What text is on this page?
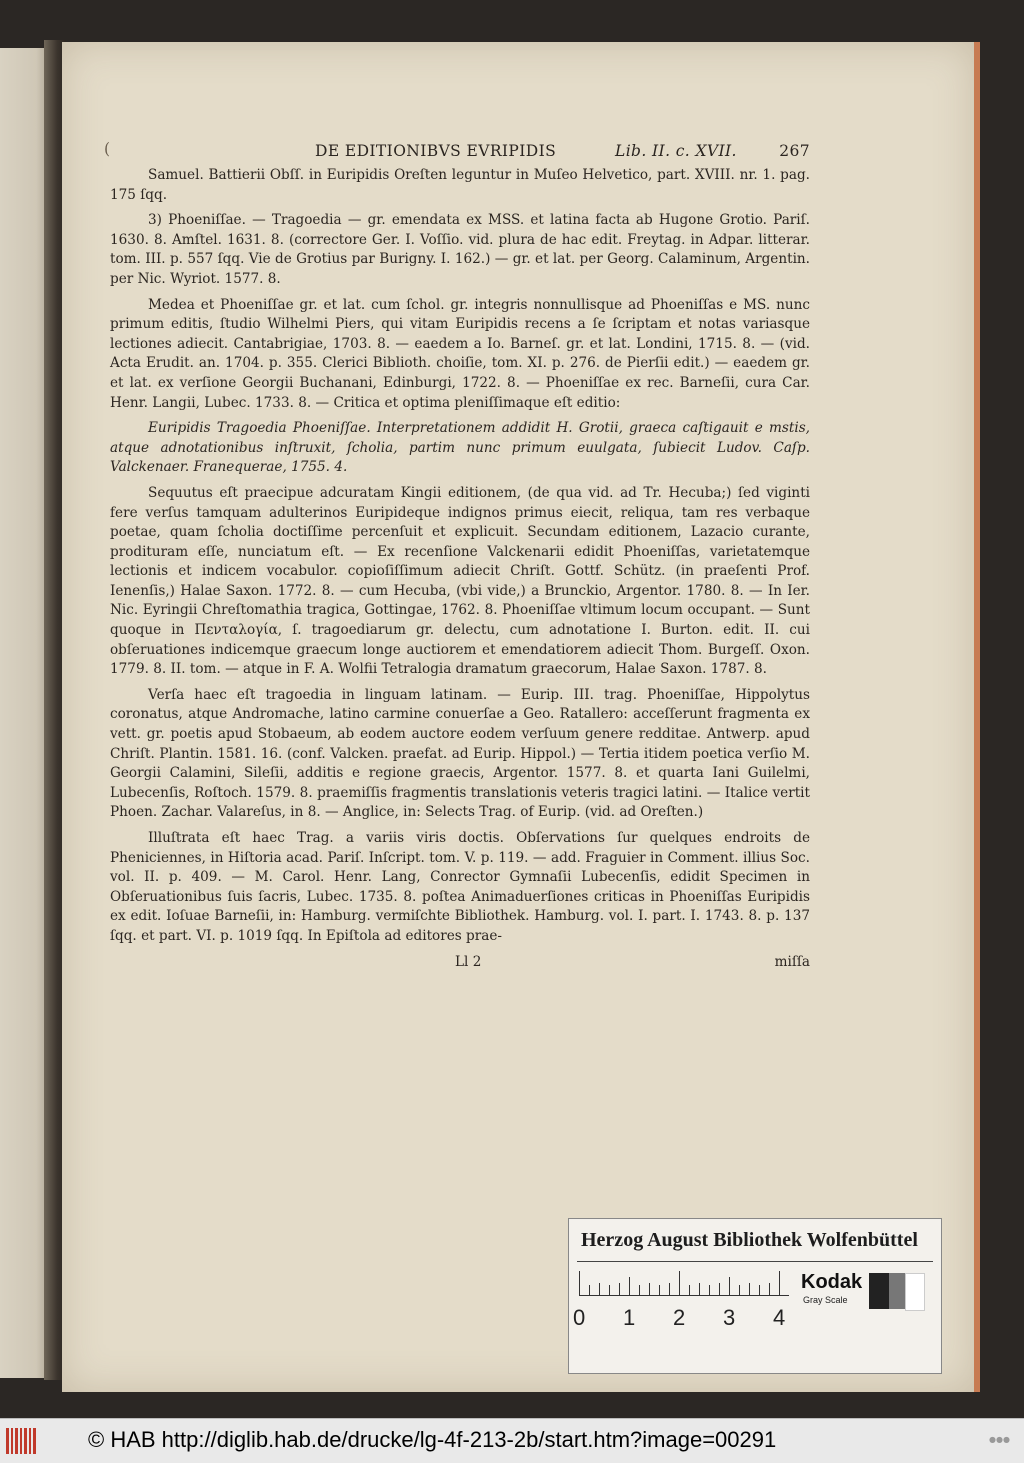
(	DE EDITIONIBVS EVRIPIDIS	Lib. II. c. XVII.	267

Samuel. Battierii Obſſ. in Euripidis Oreſten leguntur in Muſeo Helvetico, part. XVIII. nr. 1. pag. 175 ſqq.

3) Phoeniſſae. — Tragoedia — gr. emendata ex MSS. et latina facta ab Hugone Grotio. Pariſ. 1630. 8. Amſtel. 1631. 8. (correctore Ger. I. Voſſio. vid. plura de hac edit. Freytag. in Adpar. litterar. tom. III. p. 557 ſqq. Vie de Grotius par Burigny. I. 162.) — gr. et lat. per Georg. Calaminum, Argentin. per Nic. Wyriot. 1577. 8.

Medea et Phoeniſſae gr. et lat. cum ſchol. gr. integris nonnullisque ad Phoeniſſas e MS. nunc primum editis, ſtudio Wilhelmi Piers, qui vitam Euripidis recens a ſe ſcriptam et notas variasque lectiones adiecit. Cantabrigiae, 1703. 8. — eaedem a Io. Barneſ. gr. et lat. Londini, 1715. 8. — (vid. Acta Erudit. an. 1704. p. 355. Clerici Biblioth. choiſie, tom. XI. p. 276. de Pierſii edit.) — eaedem gr. et lat. ex verſione Georgii Buchanani, Edinburgi, 1722. 8. — Phoeniſſae ex rec. Barneſii, cura Car. Henr. Langii, Lubec. 1733. 8. — Critica et optima pleniſſimaque eſt editio:

Euripidis Tragoedia Phoeniſſae. Interpretationem addidit H. Grotii, graeca caſtigauit e mstis, atque adnotationibus inſtruxit, ſcholia, partim nunc primum euulgata, ſubiecit Ludov. Caſp. Valckenaer. Franequerae, 1755. 4.

Sequutus eſt praecipue adcuratam Kingii editionem, (de qua vid. ad Tr. Hecuba;) ſed viginti fere verſus tamquam adulterinos Euripideque indignos primus eiecit, reliqua, tam res verbaque poetae, quam ſcholia doctiſſime percenſuit et explicuit. Secundam editionem, Lazacio curante, prodituram eſſe, nunciatum eſt. — Ex recenſione Valckenarii edidit Phoeniſſas, varietatemque lectionis et indicem vocabulor. copioſiſſimum adiecit Chriſt. Gottf. Schütz. (in praeſenti Prof. Ienenſis,) Halae Saxon. 1772. 8. — cum Hecuba, (vbi vide,) a Brunckio, Argentor. 1780. 8. — In Ier. Nic. Eyringii Chreſtomathia tragica, Gottingae, 1762. 8. Phoeniſſae vltimum locum occupant. — Sunt quoque in Πενταλογία, ſ. tragoediarum gr. delectu, cum adnotatione I. Burton. edit. II. cui obſeruationes indicemque graecum longe auctiorem et emendatiorem adiecit Thom. Burgeſſ. Oxon. 1779. 8. II. tom. — atque in F. A. Wolfii Tetralogia dramatum graecorum, Halae Saxon. 1787. 8.

Verſa haec eſt tragoedia in linguam latinam. — Eurip. III. trag. Phoeniſſae, Hippolytus coronatus, atque Andromache, latino carmine conuerſae a Geo. Ratallero: acceſſerunt fragmenta ex vett. gr. poetis apud Stobaeum, ab eodem auctore eodem verſuum genere redditae. Antwerp. apud Chriſt. Plantin. 1581. 16. (conf. Valcken. praefat. ad Eurip. Hippol.) — Tertia itidem poetica verſio M. Georgii Calamini, Sileſii, additis e regione graecis, Argentor. 1577. 8. et quarta Iani Guilelmi, Lubecenſis, Roſtoch. 1579. 8. praemiſſis fragmentis translationis veteris tragici latini. — Italice vertit Phoen. Zachar. Valareſus, in 8. — Anglice, in: Selects Trag. of Eurip. (vid. ad Oreſten.)

Illuſtrata eſt haec Trag. a variis viris doctis. Obſervations ſur quelques endroits de Pheniciennes, in Hiſtoria acad. Pariſ. Inſcript. tom. V. p. 119. — add. Fraguier in Comment. illius Soc. vol. II. p. 409. — M. Carol. Henr. Lang, Conrector Gymnaſii Lubecenſis, edidit Specimen in Obſeruationibus ſuis ſacris, Lubec. 1735. 8. poſtea Animaduerſiones criticas in Phoeniſſas Euripidis ex edit. Ioſuae Barneſii, in: Hamburg. vermiſchte Bibliothek. Hamburg. vol. I. part. I. 1743. 8. p. 137 ſqq. et part. VI. p. 1019 ſqq. In Epiſtola ad editores prae-

Ll 2	miſſa
Herzog August Bibliothek Wolfenbüttel
0 1 2 3 4
Kodak
Gray Scale
© HAB http://diglib.hab.de/drucke/lg-4f-213-2b/start.htm?image=00291	●●●
